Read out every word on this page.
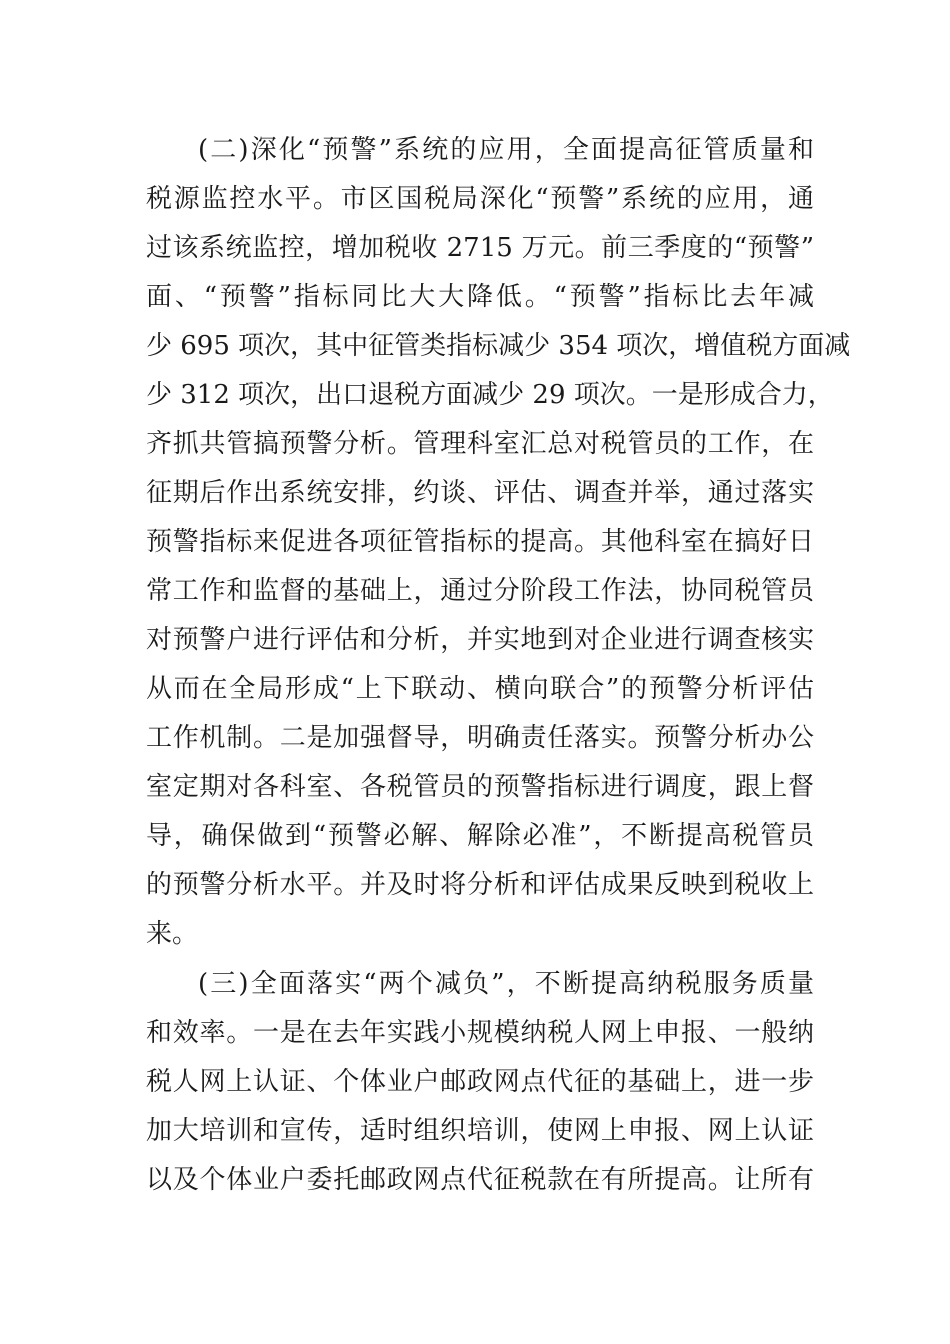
(二)深化“预警”系统的应用，全面提高征管质量和
税源监控水平。市区国税局深化“预警”系统的应用，通
过该系统监控，增加税收 2715 万元。前三季度的“预警”
面、“预警”指标同比大大降低。“预警”指标比去年减
少 695 项次，其中征管类指标减少 354 项次，增值税方面减
少 312 项次，出口退税方面减少 29 项次。一是形成合力，
齐抓共管搞预警分析。管理科室汇总对税管员的工作，在
征期后作出系统安排，约谈、评估、调查并举，通过落实
预警指标来促进各项征管指标的提高。其他科室在搞好日
常工作和监督的基础上，通过分阶段工作法，协同税管员
对预警户进行评估和分析，并实地到对企业进行调查核实
从而在全局形成“上下联动、横向联合”的预警分析评估
工作机制。二是加强督导，明确责任落实。预警分析办公
室定期对各科室、各税管员的预警指标进行调度，跟上督
导，确保做到“预警必解、解除必准”，不断提高税管员
的预警分析水平。并及时将分析和评估成果反映到税收上
来。
(三)全面落实“两个减负”，不断提高纳税服务质量
和效率。一是在去年实践小规模纳税人网上申报、一般纳
税人网上认证、个体业户邮政网点代征的基础上，进一步
加大培训和宣传，适时组织培训，使网上申报、网上认证
以及个体业户委托邮政网点代征税款在有所提高。让所有
